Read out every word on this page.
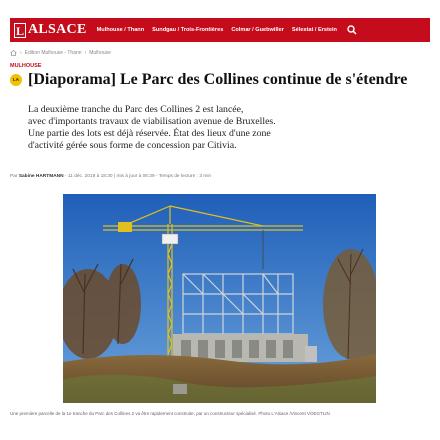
L ALSACE Mulhouse / Thann Sundgau / Trois-Frontières Colmar / Guebwiller Sélestat / Erstein
› Edition Mulhouse - Thann › Mulhouse
MULHOUSE
LA [Diaporama] Le Parc des Collines continue de s'étendre
La deuxième tranche du Parc des Collines 2 est lancée,
avec d'importants travaux de viabilisation avenue de Bruxelles.
Une partie des lots est déjà réservée. État des lieux d'une zone
d'activité gérée sous forme de concession par Citivia.
Par Sabine HARTMANN - 11 déc. 2019 à 18:30 | mis à jour à 06:39 - Temps de lecture : 3 min
Une première parcelle de la 1e tranche du Parc des Collines 2 va être rapidement construite, par un constructeur spécialisé. Photo L'Alsace /Vincent VOEGTLIN
